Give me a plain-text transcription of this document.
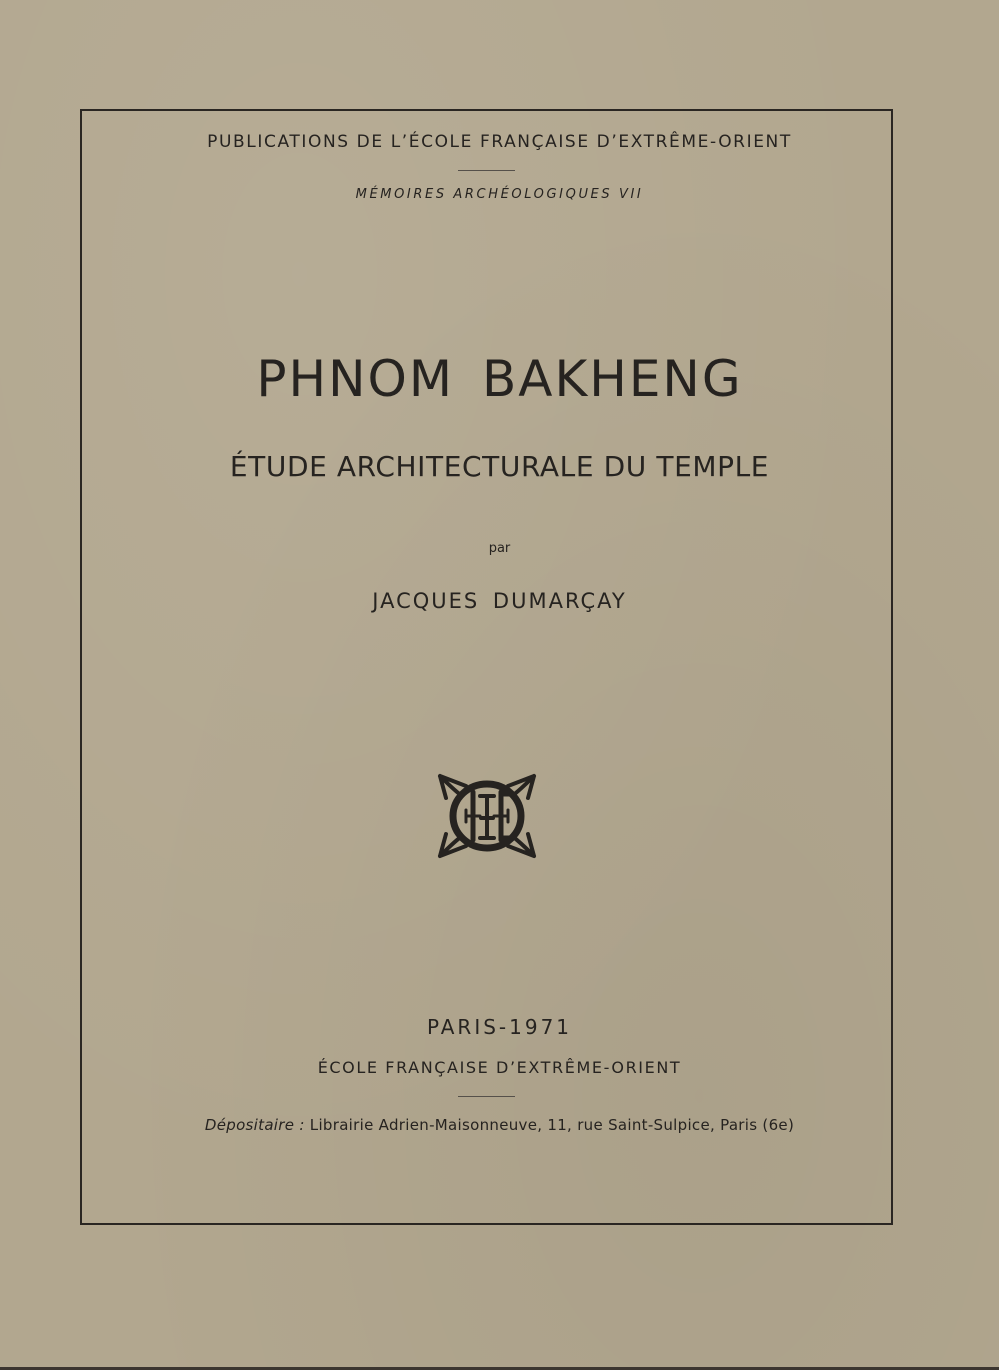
PUBLICATIONS DE L’ÉCOLE FRANÇAISE D’EXTRÊME-ORIENT
MÉMOIRES ARCHÉOLOGIQUES VII
PHNOM BAKHENG
ÉTUDE ARCHITECTURALE DU TEMPLE
par
JACQUES DUMARÇAY
PARIS-1971
ÉCOLE FRANÇAISE D’EXTRÊME-ORIENT
Dépositaire : Librairie Adrien-Maisonneuve, 11, rue Saint-Sulpice, Paris (6e)
